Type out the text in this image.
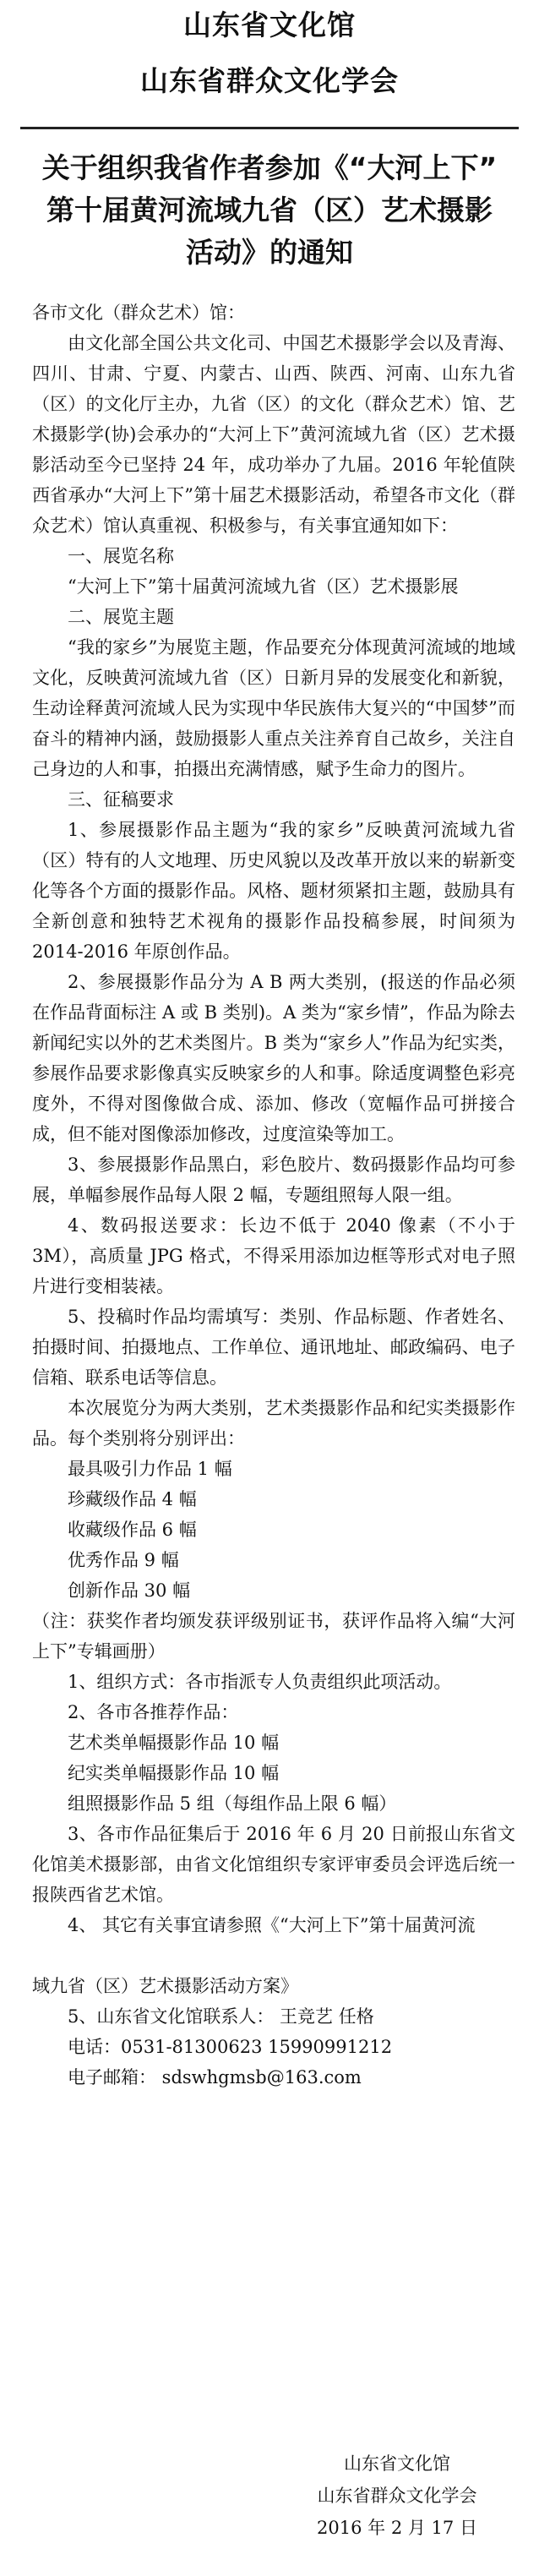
山东省文化馆
山东省群众文化学会
关于组织我省作者参加《“大河上下”
第十届黄河流域九省（区）艺术摄影
活动》的通知

各市文化（群众艺术）馆：

由文化部全国公共文化司、中国艺术摄影学会以及青海、四川、甘肃、宁夏、内蒙古、山西、陕西、河南、山东九省（区）的文化厅主办，九省（区）的文化（群众艺术）馆、艺术摄影学(协)会承办的“大河上下”黄河流域九省（区）艺术摄影活动至今已坚持 24 年，成功举办了九届。2016 年轮值陕西省承办“大河上下”第十届艺术摄影活动，希望各市文化（群众艺术）馆认真重视、积极参与，有关事宜通知如下：

一、展览名称

“大河上下”第十届黄河流域九省（区）艺术摄影展

二、展览主题

“我的家乡”为展览主题，作品要充分体现黄河流域的地域文化，反映黄河流域九省（区）日新月异的发展变化和新貌，生动诠释黄河流域人民为实现中华民族伟大复兴的“中国梦”而奋斗的精神内涵，鼓励摄影人重点关注养育自己故乡，关注自己身边的人和事，拍摄出充满情感，赋予生命力的图片。

三、征稿要求

1、参展摄影作品主题为“我的家乡”反映黄河流域九省（区）特有的人文地理、历史风貌以及改革开放以来的崭新变化等各个方面的摄影作品。风格、题材须紧扣主题，鼓励具有全新创意和独特艺术视角的摄影作品投稿参展，时间须为 2014-2016 年原创作品。

2、参展摄影作品分为 A B 两大类别，(报送的作品必须在作品背面标注 A 或 B 类别)。A 类为“家乡情”，作品为除去新闻纪实以外的艺术类图片。B 类为“家乡人”作品为纪实类，参展作品要求影像真实反映家乡的人和事。除适度调整色彩亮度外，不得对图像做合成、添加、修改（宽幅作品可拼接合成，但不能对图像添加修改，过度渲染等加工。

3、参展摄影作品黑白，彩色胶片、数码摄影作品均可参展，单幅参展作品每人限 2 幅，专题组照每人限一组。

4、数码报送要求：长边不低于 2040 像素（不小于 3M），高质量 JPG 格式，不得采用添加边框等形式对电子照片进行变相装裱。

5、投稿时作品均需填写：类别、作品标题、作者姓名、拍摄时间、拍摄地点、工作单位、通讯地址、邮政编码、电子信箱、联系电话等信息。

本次展览分为两大类别，艺术类摄影作品和纪实类摄影作品。每个类别将分别评出：

最具吸引力作品 1 幅

珍藏级作品 4 幅

收藏级作品 6 幅

优秀作品 9 幅

创新作品 30 幅

（注：获奖作者均颁发获评级别证书，获评作品将入编“大河上下”专辑画册）

1、组织方式：各市指派专人负责组织此项活动。

2、各市各推荐作品：

艺术类单幅摄影作品 10 幅

纪实类单幅摄影作品 10 幅

组照摄影作品 5 组（每组作品上限 6 幅）

3、各市作品征集后于 2016 年 6 月 20 日前报山东省文化馆美术摄影部，由省文化馆组织专家评审委员会评选后统一报陕西省艺术馆。

4、 其它有关事宜请参照《“大河上下”第十届黄河流

域九省（区）艺术摄影活动方案》

5、山东省文化馆联系人： 王竞艺 任格

电话：0531-81300623 15990991212

电子邮箱： sdswhgmsb@163.com

山东省文化馆
山东省群众文化学会
2016 年 2 月 17 日
